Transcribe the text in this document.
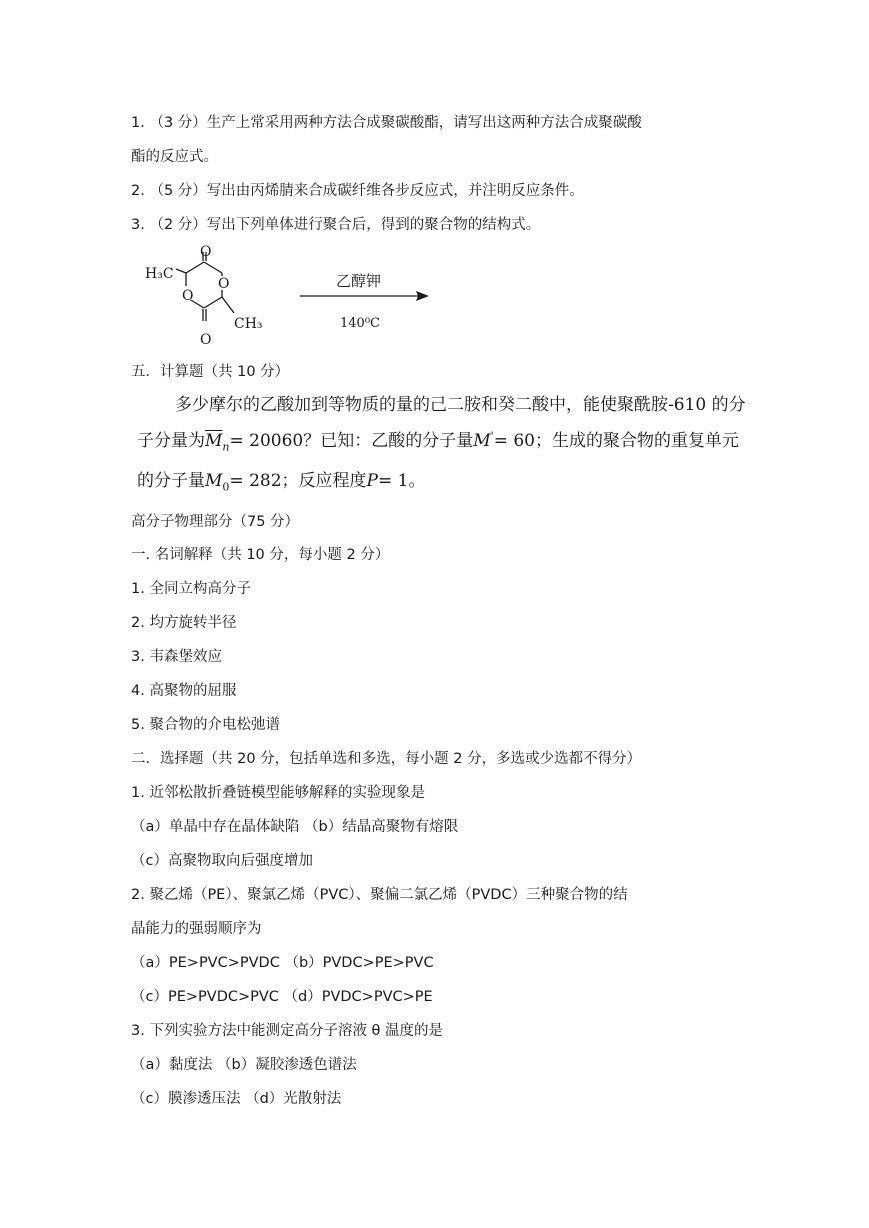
1. （3 分）生产上常采用两种方法合成聚碳酸酯，请写出这两种方法合成聚碳酸
酯的反应式。
2. （5 分）写出由丙烯腈来合成碳纤维各步反应式，并注明反应条件。
3. （2 分）写出下列单体进行聚合后，得到的聚合物的结构式。
O
O
O
O
H₃C
CH₃
乙醇钾
140⁰C
五．计算题（共 10 分）
多少摩尔的乙酸加到等物质的量的己二胺和癸二酸中，能使聚酰胺-610 的分
子分量为$\overline{M}_n= 20060$？已知：乙酸的分子量M'= 60；生成的聚合物的重复单元
的分子量$M_0= 282$；反应程度P= 1。
高分子物理部分（75 分）
一. 名词解释（共 10 分，每小题 2 分）
1. 全同立构高分子
2. 均方旋转半径
3. 韦森堡效应
4. 高聚物的屈服
5. 聚合物的介电松弛谱
二．选择题（共 20 分，包括单选和多选，每小题 2 分，多选或少选都不得分）
1. 近邻松散折叠链模型能够解释的实验现象是
（a）单晶中存在晶体缺陷 （b）结晶高聚物有熔限
（c）高聚物取向后强度增加
2. 聚乙烯（PE）、聚氯乙烯（PVC）、聚偏二氯乙烯（PVDC）三种聚合物的结
晶能力的强弱顺序为
（a）PE>PVC>PVDC （b）PVDC>PE>PVC
（c）PE>PVDC>PVC （d）PVDC>PVC>PE
3. 下列实验方法中能测定高分子溶液 θ 温度的是
（a）黏度法 （b）凝胶渗透色谱法
（c）膜渗透压法 （d）光散射法
